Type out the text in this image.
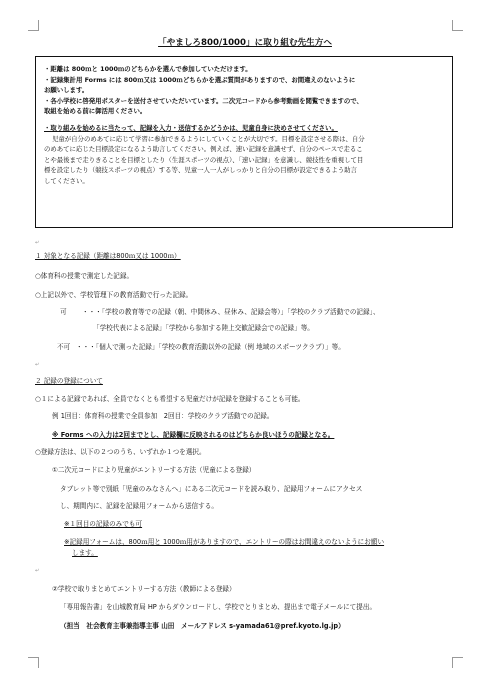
「やましろ800/1000」に取り組む先生方へ
・距離は 800ｍと 1000ｍのどちらかを選んで参加していただけます。
・記録集計用 Forms には 800ｍ又は 1000ｍどちらかを選ぶ質問がありますので、お間違えのないように
お願いします。
・各小学校に啓発用ポスターを送付させていただいています。二次元コードから参考動画を閲覧できますので、
取組を始める前に御活用ください。
・取り組みを始めるに当たって、記録を入力・送信するかどうかは、児童自身に決めさせてください。
児童が自分のめあてに応じて学習に参加できるようにしていくことが大切です。目標を設定させる際は、自分
のめあてに応じた目標設定になるよう助言してください。例えば、速い記録を意識せず、自分のペースで走るこ
とや最後まで走りきることを目標としたり（生涯スポーツの視点）、「速い記録」を意識し、競技性を重視して目
標を設定したり（競技スポーツの視点）する等、児童一人一人がしっかりと自分の目標が設定できるよう助言
してください。
１ 対象となる記録（距離は800ｍ又は 1000ｍ）
○体育科の授業で測定した記録。
○上記以外で、学校管理下の教育活動で行った記録。
可 ・・・「学校の教育等での記録（朝、中間休み、昼休み、記録会等）」「学校のクラブ活動での記録」、
「学校代表による記録」「学校から参加する陸上交歓記録会での記録」等。
不可 ・・・「個人で測った記録」「学校の教育活動以外の記録（例 地域のスポーツクラブ）」等。
２ 記録の登録について
○１による記録であれば、全員でなくとも希望する児童だけが記録を登録することも可能。
例 1回目：体育科の授業で全員参加　2回目：学校のクラブ活動での記録。
※ Forms への入力は2回までとし、記録欄に反映されるのはどちらか良いほうの記録となる。
○登録方法は、以下の２つのうち、いずれか１つを選択。
①二次元コードにより児童がエントリーする方法（児童による登録）
タブレット等で別紙「児童のみなさんへ」にある二次元コードを読み取り、記録用フォームにアクセス
し、期間内に、記録を記録用フォームから送信する。
※１回目の記録のみでも可
※記録用フォームは、800ｍ用と 1000ｍ用がありますので、エントリーの際はお間違えのないようにお願い
します。
②学校で取りまとめてエントリーする方法（教師による登録）
「専用報告書」を山城教育局 HP からダウンロードし、学校でとりまとめ、提出まで電子メールにて提出。
（担当　社会教育主事兼指導主事 山田　メールアドレス s-yamada61@pref.kyoto.lg.jp）
↵
↵
↵
